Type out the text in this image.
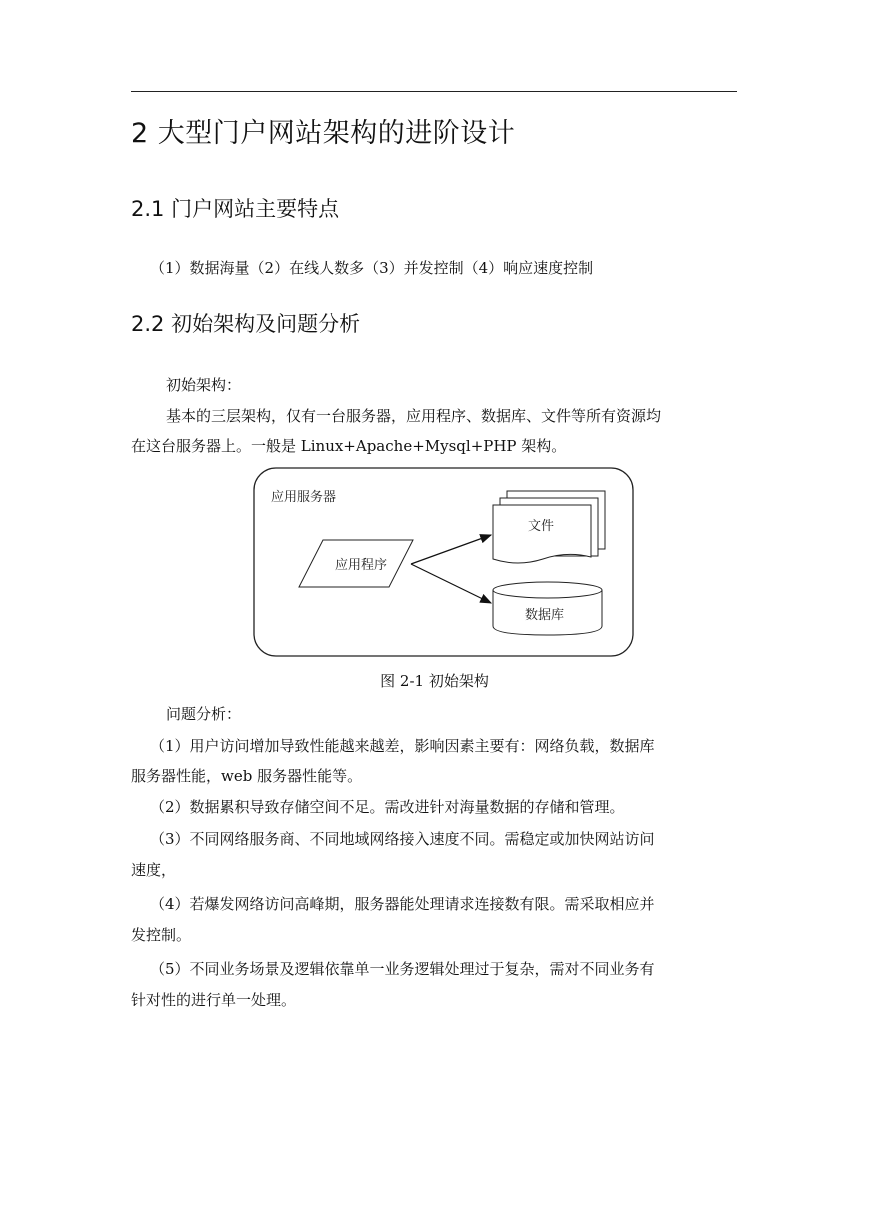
2 大型门户网站架构的进阶设计
2.1 门户网站主要特点
（1）数据海量（2）在线人数多（3）并发控制（4）响应速度控制
2.2 初始架构及问题分析
初始架构：
基本的三层架构，仅有一台服务器，应用程序、数据库、文件等所有资源均
在这台服务器上。一般是 Linux+Apache+Mysql+PHP 架构。
应用服务器
文件
应用程序
数据库
图 2-1 初始架构
问题分析：
（1）用户访问增加导致性能越来越差，影响因素主要有：网络负载，数据库
服务器性能，web 服务器性能等。
（2）数据累积导致存储空间不足。需改进针对海量数据的存储和管理。
（3）不同网络服务商、不同地域网络接入速度不同。需稳定或加快网站访问
速度，
（4）若爆发网络访问高峰期，服务器能处理请求连接数有限。需采取相应并
发控制。
（5）不同业务场景及逻辑依靠单一业务逻辑处理过于复杂，需对不同业务有
针对性的进行单一处理。
